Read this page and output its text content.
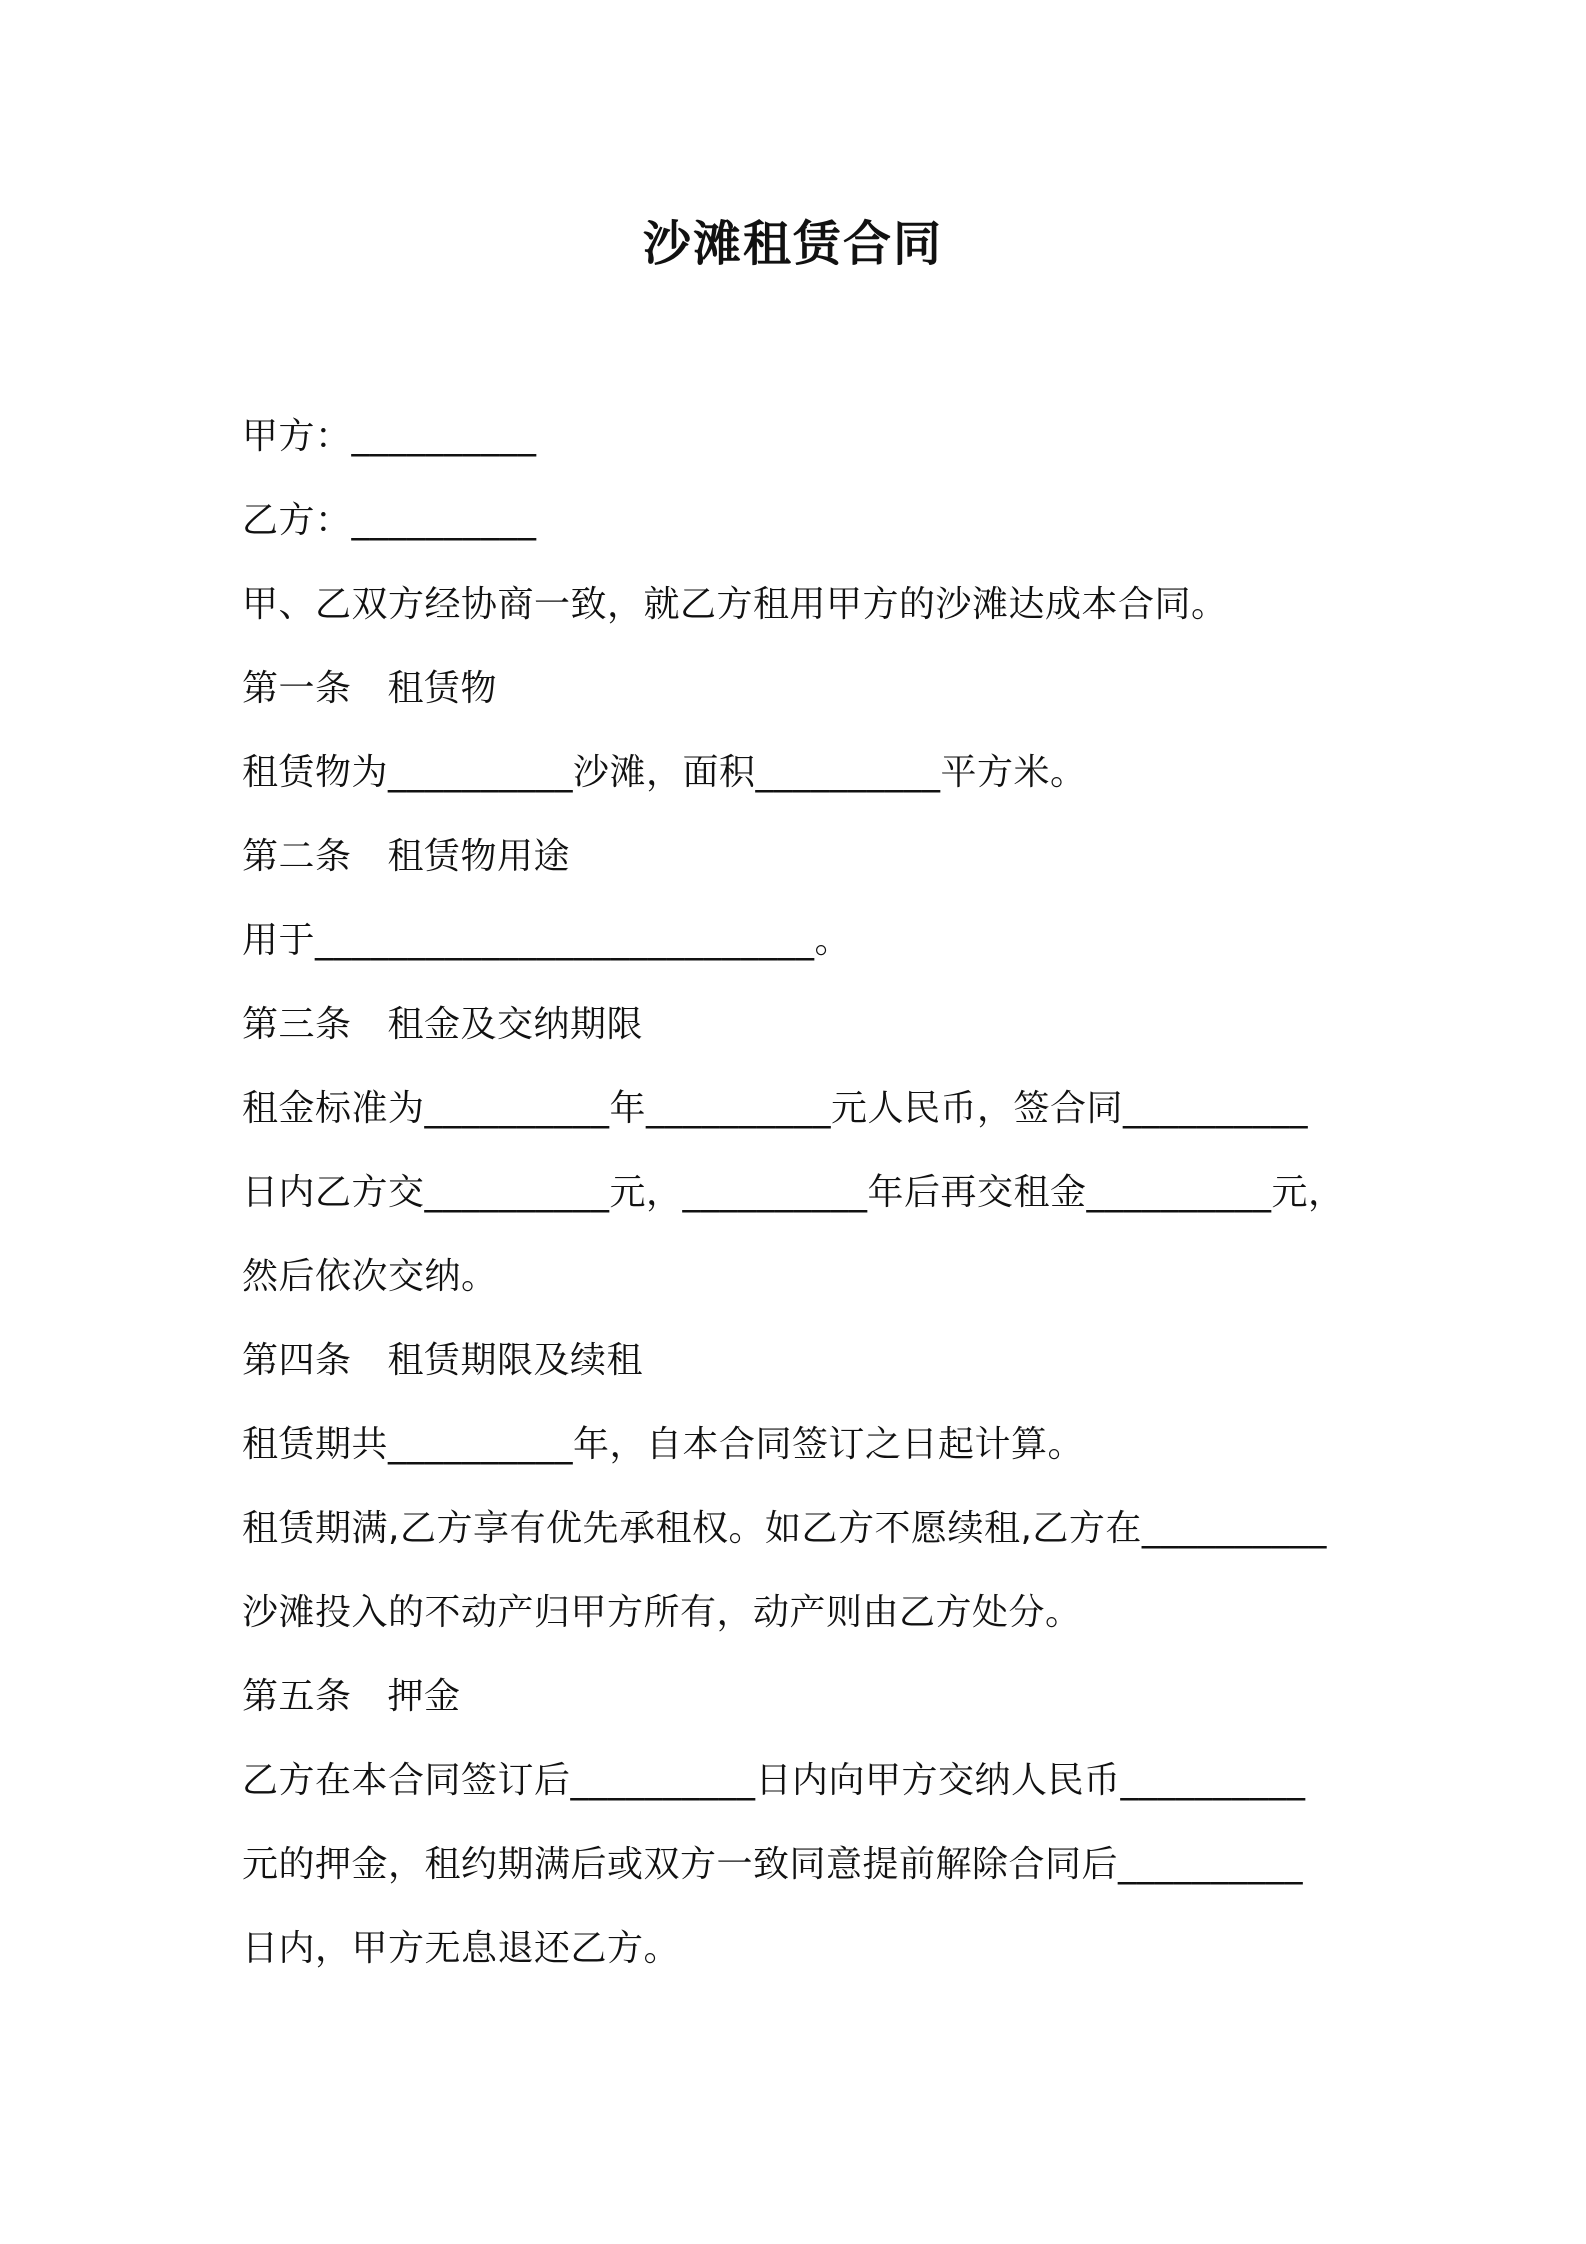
沙滩租赁合同
甲方：__________
乙方：__________
甲、乙双方经协商一致，就乙方租用甲方的沙滩达成本合同。
第一条 租赁物
租赁物为__________沙滩，面积__________平方米。
第二条 租赁物用途
用于___________________________。
第三条 租金及交纳期限
租金标准为__________年__________元人民币，签合同__________
日内乙方交__________元，__________年后再交租金__________元，
然后依次交纳。
第四条 租赁期限及续租
租赁期共__________年，自本合同签订之日起计算。
租赁期满,乙方享有优先承租权。如乙方不愿续租,乙方在__________
沙滩投入的不动产归甲方所有，动产则由乙方处分。
第五条 押金
乙方在本合同签订后__________日内向甲方交纳人民币__________
元的押金，租约期满后或双方一致同意提前解除合同后__________
日内，甲方无息退还乙方。
